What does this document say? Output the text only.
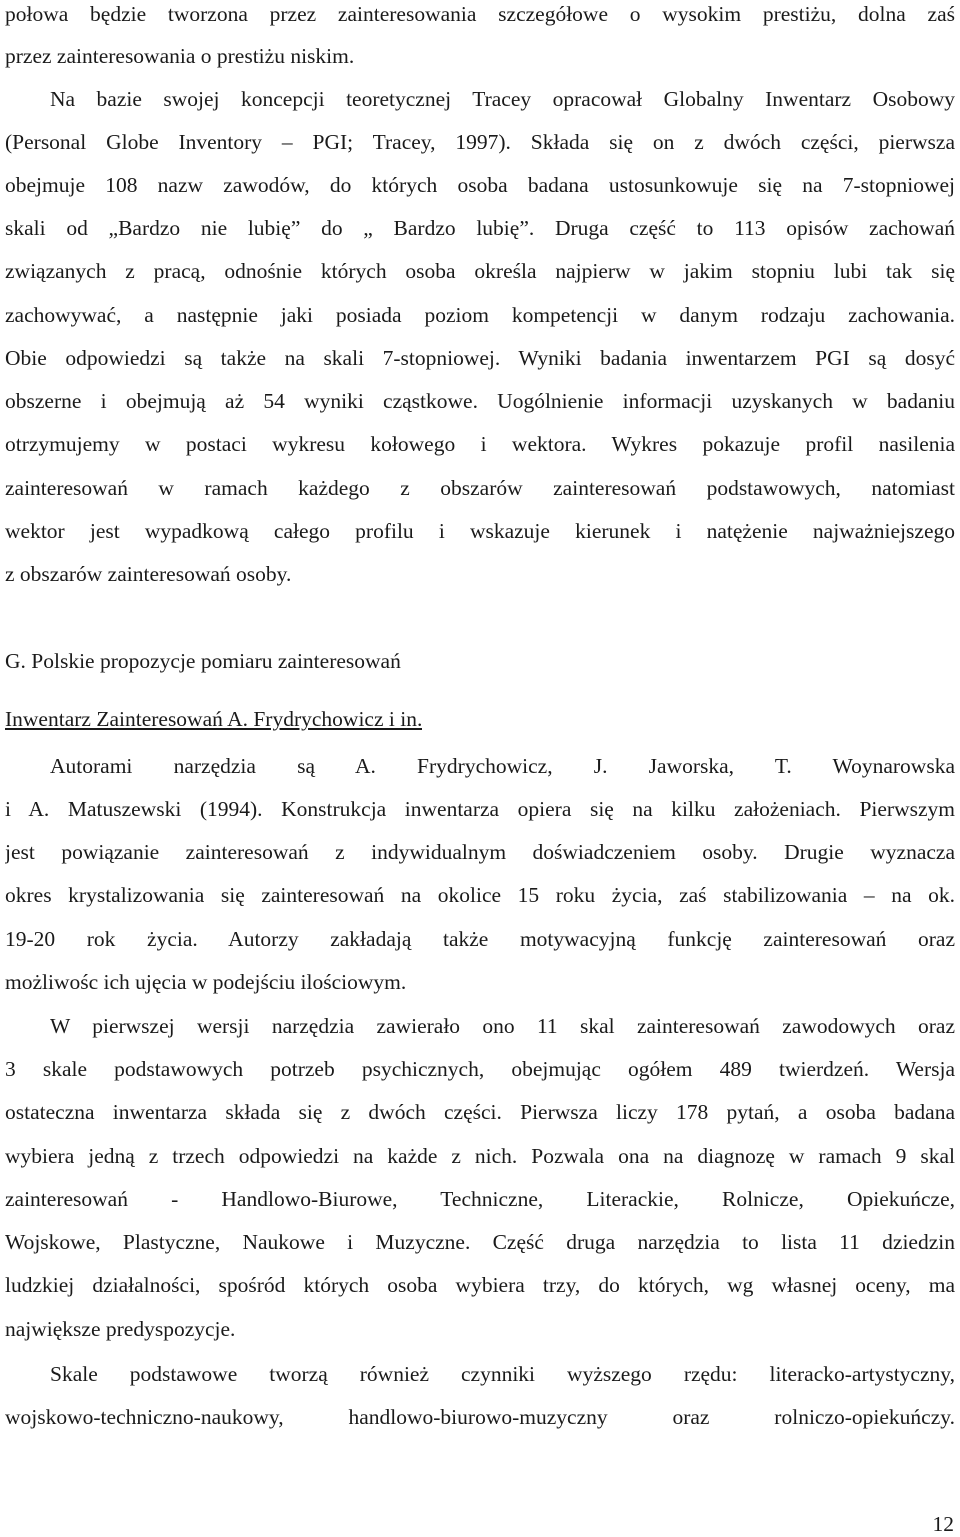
połowa będzie tworzona przez zainteresowania szczegółowe o wysokim prestiżu, dolna zaś
przez zainteresowania o prestiżu niskim.
Na bazie swojej koncepcji teoretycznej Tracey opracował Globalny Inwentarz Osobowy
(Personal Globe Inventory – PGI; Tracey, 1997). Składa się on z dwóch części, pierwsza
obejmuje 108 nazw zawodów, do których osoba badana ustosunkowuje się na 7-stopniowej
skali od „Bardzo nie lubię” do „ Bardzo lubię”. Druga część to 113 opisów zachowań
związanych z pracą, odnośnie których osoba określa najpierw w jakim stopniu lubi tak się
zachowywać, a następnie jaki posiada poziom kompetencji w danym rodzaju zachowania.
Obie odpowiedzi są także na skali 7-stopniowej. Wyniki badania inwentarzem PGI są dosyć
obszerne i obejmują aż 54 wyniki cząstkowe. Uogólnienie informacji uzyskanych w badaniu
otrzymujemy w postaci wykresu kołowego i wektora. Wykres pokazuje profil nasilenia
zainteresowań w ramach każdego z obszarów zainteresowań podstawowych, natomiast
wektor jest wypadkową całego profilu i wskazuje kierunek i natężenie najważniejszego
z obszarów zainteresowań osoby.
G. Polskie propozycje pomiaru zainteresowań
Inwentarz Zainteresowań A. Frydrychowicz i in.
Autorami narzędzia są A. Frydrychowicz, J. Jaworska, T. Woynarowska
i A. Matuszewski (1994). Konstrukcja inwentarza opiera się na kilku założeniach. Pierwszym
jest powiązanie zainteresowań z indywidualnym doświadczeniem osoby. Drugie wyznacza
okres krystalizowania się zainteresowań na okolice 15 roku życia, zaś stabilizowania – na ok.
19-20 rok życia. Autorzy zakładają także motywacyjną funkcję zainteresowań oraz
możliwośc ich ujęcia w podejściu ilościowym.
W pierwszej wersji narzędzia zawierało ono 11 skal zainteresowań zawodowych oraz
3 skale podstawowych potrzeb psychicznych, obejmując ogółem 489 twierdzeń. Wersja
ostateczna inwentarza składa się z dwóch części. Pierwsza liczy 178 pytań, a osoba badana
wybiera jedną z trzech odpowiedzi na każde z nich. Pozwala ona na diagnozę w ramach 9 skal
zainteresowań - Handlowo-Biurowe, Techniczne, Literackie, Rolnicze, Opiekuńcze,
Wojskowe, Plastyczne, Naukowe i Muzyczne. Część druga narzędzia to lista 11 dziedzin
ludzkiej działalności, spośród których osoba wybiera trzy, do których, wg własnej oceny, ma
największe predyspozycje.
Skale podstawowe tworzą również czynniki wyższego rzędu: literacko-artystyczny,
wojskowo-techniczno-naukowy, handlowo-biurowo-muzyczny oraz rolniczo-opiekuńczy.
12
